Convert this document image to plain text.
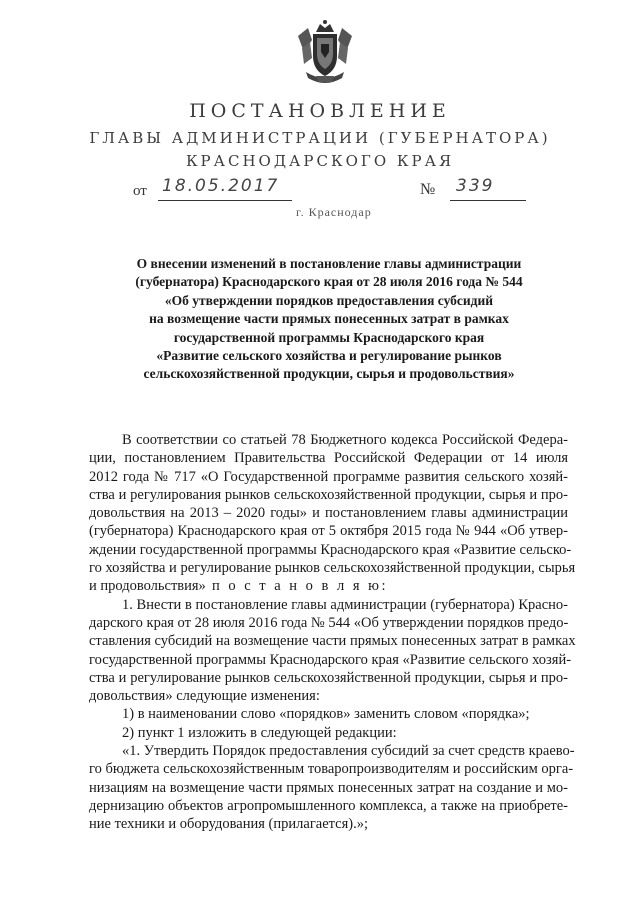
ПОСТАНОВЛЕНИЕ
ГЛАВЫ АДМИНИСТРАЦИИ (ГУБЕРНАТОРА)
КРАСНОДАРСКОГО КРАЯ
от 18.05.2017	№	339
г. Краснодар
О внесении изменений в постановление главы администрации
(губернатора) Краснодарского края от 28 июля 2016 года № 544
«Об утверждении порядков предоставления субсидий
на возмещение части прямых понесенных затрат в рамках
государственной программы Краснодарского края
«Развитие сельского хозяйства и регулирование рынков
сельскохозяйственной продукции, сырья и продовольствия»
В соответствии со статьей 78 Бюджетного кодекса Российской Федера-
ции, постановлением Правительства Российской Федерации от 14 июля
2012 года № 717 «О Государственной программе развития сельского хозяй-
ства и регулирования рынков сельскохозяйственной продукции, сырья и про-
довольствия на 2013 – 2020 годы» и постановлением главы администрации
(губернатора) Краснодарского края от 5 октября 2015 года № 944 «Об утвер-
ждении государственной программы Краснодарского края «Развитие сельско-
го хозяйства и регулирование рынков сельскохозяйственной продукции, сырья
и продовольствия» п о с т а н о в л я ю:
1. Внести в постановление главы администрации (губернатора) Красно-
дарского края от 28 июля 2016 года № 544 «Об утверждении порядков предо-
ставления субсидий на возмещение части прямых понесенных затрат в рамках
государственной программы Краснодарского края «Развитие сельского хозяй-
ства и регулирование рынков сельскохозяйственной продукции, сырья и про-
довольствия» следующие изменения:
1) в наименовании слово «порядков» заменить словом «порядка»;
2) пункт 1 изложить в следующей редакции:
«1. Утвердить Порядок предоставления субсидий за счет средств краево-
го бюджета сельскохозяйственным товаропроизводителям и российским орга-
низациям на возмещение части прямых понесенных затрат на создание и мо-
дернизацию объектов агропромышленного комплекса, а также на приобрете-
ние техники и оборудования (прилагается).»;
